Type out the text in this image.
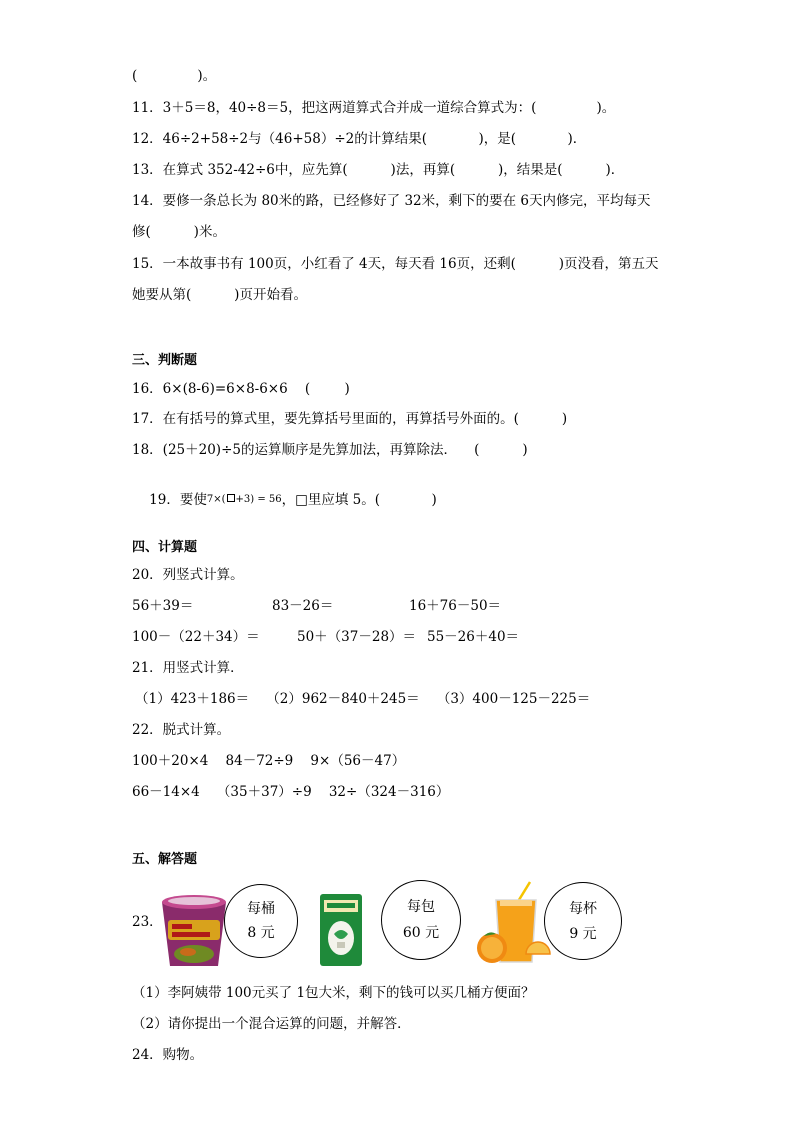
(              )。
11．3＋5＝8，40÷8＝5，把这两道算式合并成一道综合算式为：(              )。
12．46÷2+58÷2与（46+58）÷2的计算结果(            )，是(            )．
13．在算式 352-42÷6中，应先算(          )法，再算(          )，结果是(          )．
14．要修一条总长为 80米的路，已经修好了 32米，剩下的要在 6天内修完，平均每天
修(          )米。
15．一本故事书有 100页，小红看了 4天，每天看 16页，还剩(          )页没看，第五天
她要从第(          )页开始看。
三、判断题
16．6×(8-6)=6×8-6×6    (        )
17．在有括号的算式里，要先算括号里面的，再算括号外面的。(          )
18．(25＋20)÷5的运算顺序是先算加法，再算除法．    (          )

19．要使7×( +3) = 56，□里应填 5。(            )

四、计算题
20．列竖式计算。
56＋39＝	83－26＝	16＋76－50＝
100－（22＋34）＝	50＋（37－28）＝ 55－26＋40＝
21．用竖式计算．
（1）423＋186＝    （2）962－840＋245＝    （3）400－125－225＝
22．脱式计算。
100＋20×4    84－72÷9    9×（56－47）
66－14×4    （35＋37）÷9    32÷（324－316）
五、解答题
23．
每桶
8 元
每包
60 元
每杯
9 元
（1）李阿姨带 100元买了 1包大米，剩下的钱可以买几桶方便面？
（2）请你提出一个混合运算的问题，并解答．
24．购物。
